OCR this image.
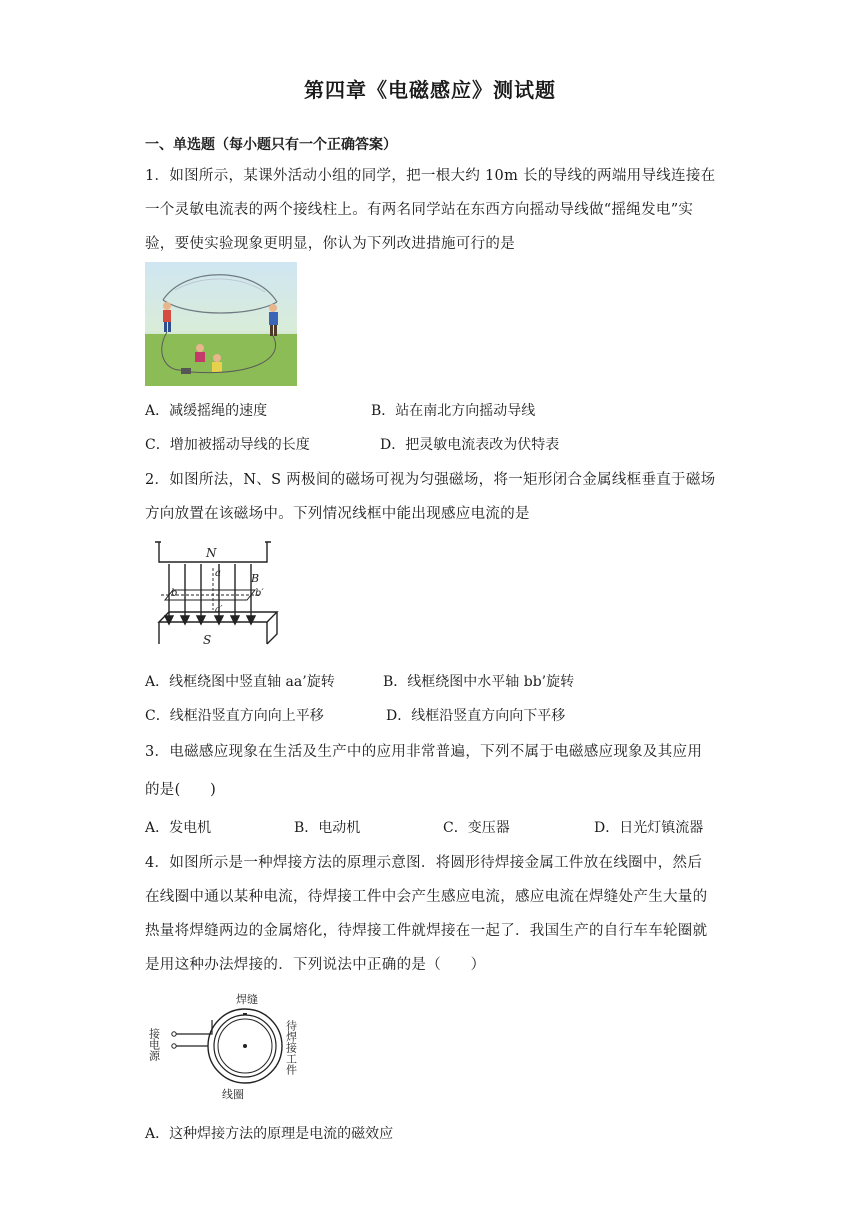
第四章《电磁感应》测试题
一、单选题（每小题只有一个正确答案）
1．如图所示，某课外活动小组的同学，把一根大约 10m 长的导线的两端用导线连接在
一个灵敏电流表的两个接线柱上。有两名同学站在东西方向摇动导线做“摇绳发电”实
验，要使实验现象更明显，你认为下列改进措施可行的是
A．减缓摇绳的速度	B．站在南北方向摇动导线
C．增加被摇动导线的长度	D．把灵敏电流表改为伏特表
2．如图所法，N、S 两极间的磁场可视为匀强磁场，将一矩形闭合金属线框垂直于磁场
方向放置在该磁场中。下列情况线框中能出现感应电流的是
N
S
a
a′
B
b′
b
A．线框绕图中竖直轴 aa’旋转	B．线框绕图中水平轴 bb’旋转
C．线框沿竖直方向向上平移	D．线框沿竖直方向向下平移
3．电磁感应现象在生活及生产中的应用非常普遍，下列不属于电磁感应现象及其应用
的是(　　)
A．发电机	B．电动机	C．变压器	D．日光灯镇流器
4．如图所示是一种焊接方法的原理示意图．将圆形待焊接金属工件放在线圈中，然后
在线圈中通以某种电流，待焊接工件中会产生感应电流，感应电流在焊缝处产生大量的
热量将焊缝两边的金属熔化，待焊接工件就焊接在一起了．我国生产的自行车车轮圈就
是用这种办法焊接的．下列说法中正确的是（　　）
焊缝
线圈
接电源	待焊接工件
A．这种焊接方法的原理是电流的磁效应
